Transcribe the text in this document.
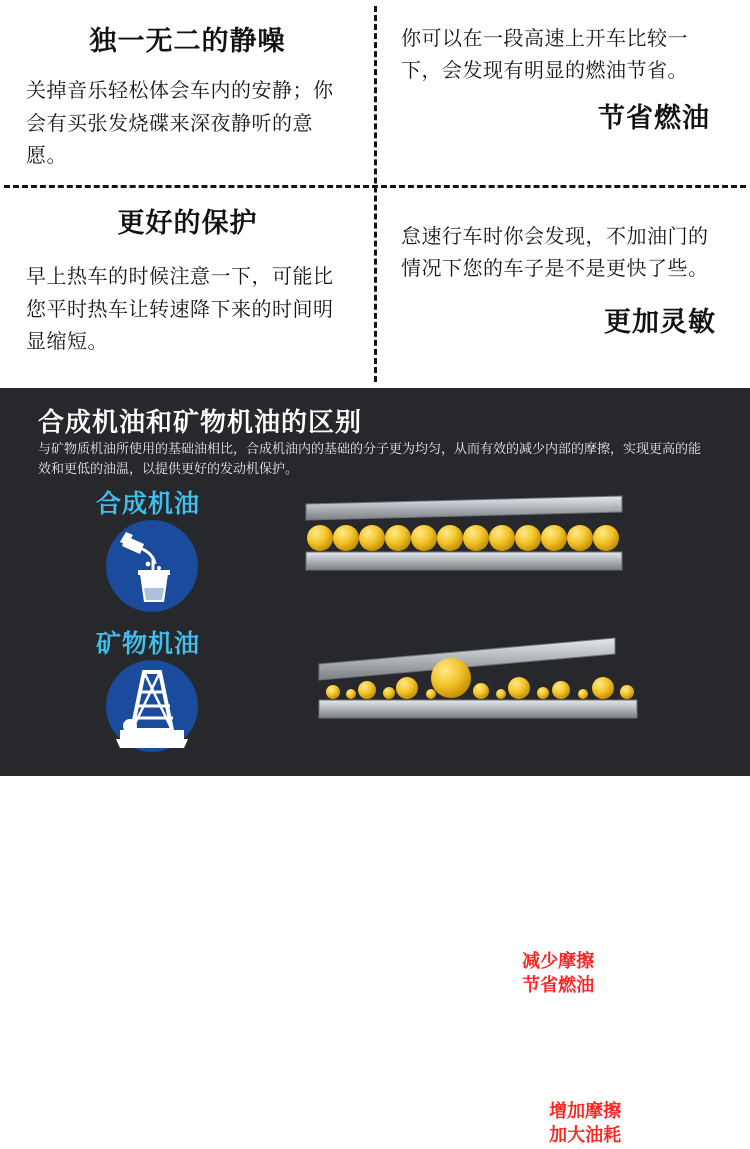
独一无二的静噪
关掉音乐轻松体会车内的安静；你会有买张发烧碟来深夜静听的意愿。
你可以在一段高速上开车比较一下，会发现有明显的燃油节省。
节省燃油
更好的保护
早上热车的时候注意一下，可能比您平时热车让转速降下来的时间明显缩短。
怠速行车时你会发现，不加油门的情况下您的车子是不是更快了些。
更加灵敏
合成机油和矿物机油的区别
与矿物质机油所使用的基础油相比，合成机油内的基础的分子更为均匀，从而有效的减少内部的摩擦，实现更高的能效和更低的油温，以提供更好的发动机保护。
合成机油
矿物机油
均一的分子 =
减少摩擦
节省燃油
分子大小不一 =
增加摩擦
加大油耗
